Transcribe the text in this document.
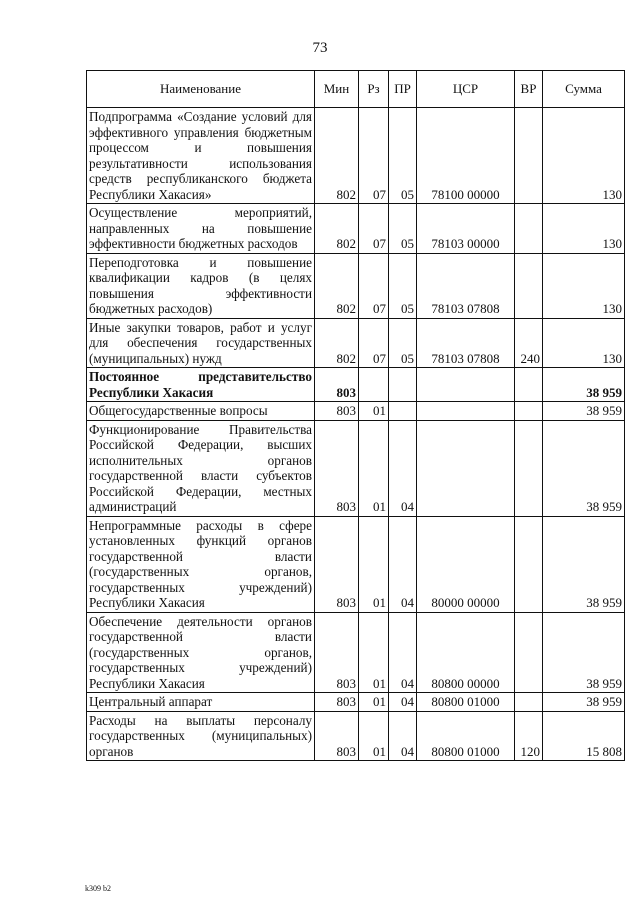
73
Наименование	Мин	Рз	ПР	ЦСР	ВР	Сумма
Подпрограмма «Создание условий для эффективного управления бюджетным процессом и повышения результативности использования средств республиканского бюджета Республики Хакасия»	802	07	05	78100 00000		130
Осуществление мероприятий, направленных на повышение эффективности бюджетных расходов	802	07	05	78103 00000		130
Переподготовка и повышение квалификации кадров (в целях повышения эффективности бюджетных расходов)	802	07	05	78103 07808		130
Иные закупки товаров, работ и услуг для обеспечения государственных (муниципальных) нужд	802	07	05	78103 07808	240	130
Постоянное представительство Республики Хакасия	803					38 959
Общегосударственные вопросы	803	01				38 959
Функционирование Правительства Российской Федерации, высших исполнительных органов государственной власти субъектов Российской Федерации, местных администраций	803	01	04			38 959
Непрограммные расходы в сфере установленных функций органов государственной власти (государственных органов, государственных учреждений) Республики Хакасия	803	01	04	80000 00000		38 959
Обеспечение деятельности органов государственной власти (государственных органов, государственных учреждений) Республики Хакасия	803	01	04	80800 00000		38 959
Центральный аппарат	803	01	04	80800 01000		38 959
Расходы на выплаты персоналу государственных (муниципальных) органов	803	01	04	80800 01000	120	15 808
k309 b2
